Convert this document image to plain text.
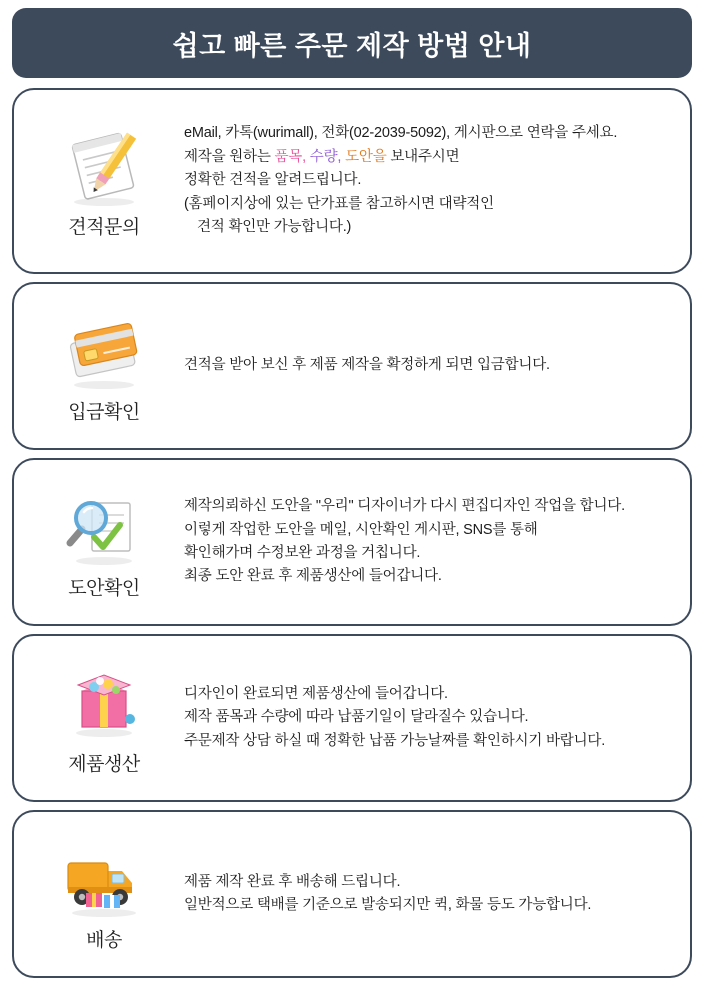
쉽고 빠른 주문 제작 방법 안내
견적문의
eMail, 카톡(wurimall), 전화(02-2039-5092), 게시판으로 연락을 주세요.
제작을 원하는 품목, 수량, 도안을 보내주시면
정확한 견적을 알려드립니다.
(홈페이지상에 있는 단가표를 참고하시면 대략적인
견적 확인만 가능합니다.)
입금확인
견적을 받아 보신 후 제품 제작을 확정하게 되면 입금합니다.
도안확인
제작의뢰하신 도안을 "우리" 디자이너가 다시 편집디자인 작업을 합니다.
이렇게 작업한 도안을 메일, 시안확인 게시판, SNS를 통해
확인해가며 수정보완 과정을 거칩니다.
최종 도안 완료 후 제품생산에 들어갑니다.
제품생산
디자인이 완료되면 제품생산에 들어갑니다.
제작 품목과 수량에 따라 납품기일이 달라질수 있습니다.
주문제작 상담 하실 때 정확한 납품 가능날짜를 확인하시기 바랍니다.
배송
제품 제작 완료 후 배송해 드립니다.
일반적으로 택배를 기준으로 발송되지만 퀵, 화물 등도 가능합니다.
